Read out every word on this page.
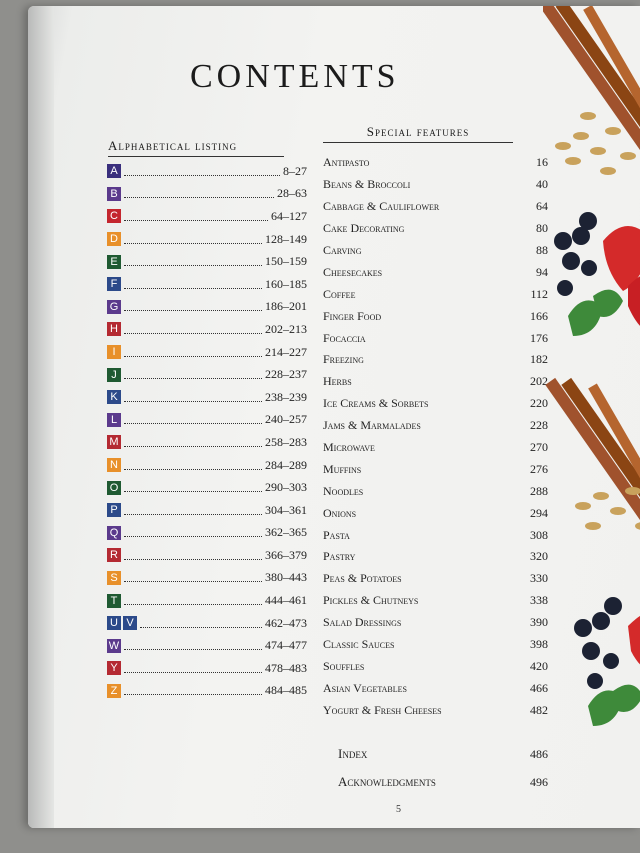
CONTENTS
Alphabetical listing
Special features
A	8–27
B	28–63
C	64–127
D	128–149
E	150–159
F	160–185
G	186–201
H	202–213
I	214–227
J	228–237
K	238–239
L	240–257
M	258–283
N	284–289
O	290–303
P	304–361
Q	362–365
R	366–379
S	380–443
T	444–461
U V	462–473
W	474–477
Y	478–483
Z	484–485
Antipasto	16
Beans & Broccoli	40
Cabbage & Cauliflower	64
Cake Decorating	80
Carving	88
Cheesecakes	94
Coffee	112
Finger Food	166
Focaccia	176
Freezing	182
Herbs	202
Ice Creams & Sorbets	220
Jams & Marmalades	228
Microwave	270
Muffins	276
Noodles	288
Onions	294
Pasta	308
Pastry	320
Peas & Potatoes	330
Pickles & Chutneys	338
Salad Dressings	390
Classic Sauces	398
Souffles	420
Asian Vegetables	466
Yogurt & Fresh Cheeses	482
Index	486
Acknowledgments	496
5
